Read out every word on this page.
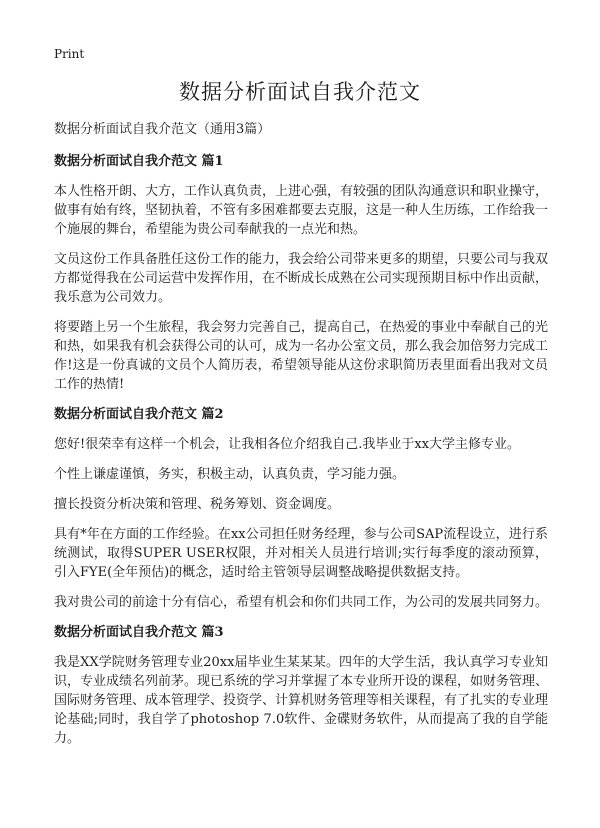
Print
数据分析面试自我介范文
数据分析面试自我介范文（通用3篇）
数据分析面试自我介范文 篇1

本人性格开朗、大方，工作认真负责，上进心强，有较强的团队沟通意识和职业操守，做事有始有终，坚韧执着，不管有多困难都要去克服，这是一种人生历练，工作给我一个施展的舞台，希望能为贵公司奉献我的一点光和热。

文员这份工作具备胜任这份工作的能力，我会给公司带来更多的期望，只要公司与我双方都觉得我在公司运营中发挥作用，在不断成长成熟在公司实现预期目标中作出贡献，我乐意为公司效力。

将要踏上另一个生旅程，我会努力完善自己，提高自己，在热爱的事业中奉献自己的光和热，如果我有机会获得公司的认可，成为一名办公室文员，那么我会加倍努力完成工作!这是一份真诚的文员个人简历表，希望领导能从这份求职简历表里面看出我对文员工作的热情!

数据分析面试自我介范文 篇2

您好!很荣幸有这样一个机会，让我相各位介绍我自己.我毕业于xx大学主修专业。

个性上谦虚谨慎，务实，积极主动，认真负责，学习能力强。

擅长投资分析决策和管理、税务筹划、资金调度。

具有*年在方面的工作经验。在xx公司担任财务经理，参与公司SAP流程设立，进行系统测试，取得SUPER USER权限，并对相关人员进行培训;实行每季度的滚动预算，引入FYE(全年预估)的概念，适时给主管领导层调整战略提供数据支持。

我对贵公司的前途十分有信心，希望有机会和你们共同工作，为公司的发展共同努力。

数据分析面试自我介范文 篇3

我是XX学院财务管理专业20xx届毕业生某某某。四年的大学生活，我认真学习专业知识，专业成绩名列前茅。现已系统的学习并掌握了本专业所开设的课程，如财务管理、国际财务管理、成本管理学、投资学、计算机财务管理等相关课程，有了扎实的专业理论基础;同时，我自学了photoshop 7.0软件、金碟财务软件，从而提高了我的自学能力。
